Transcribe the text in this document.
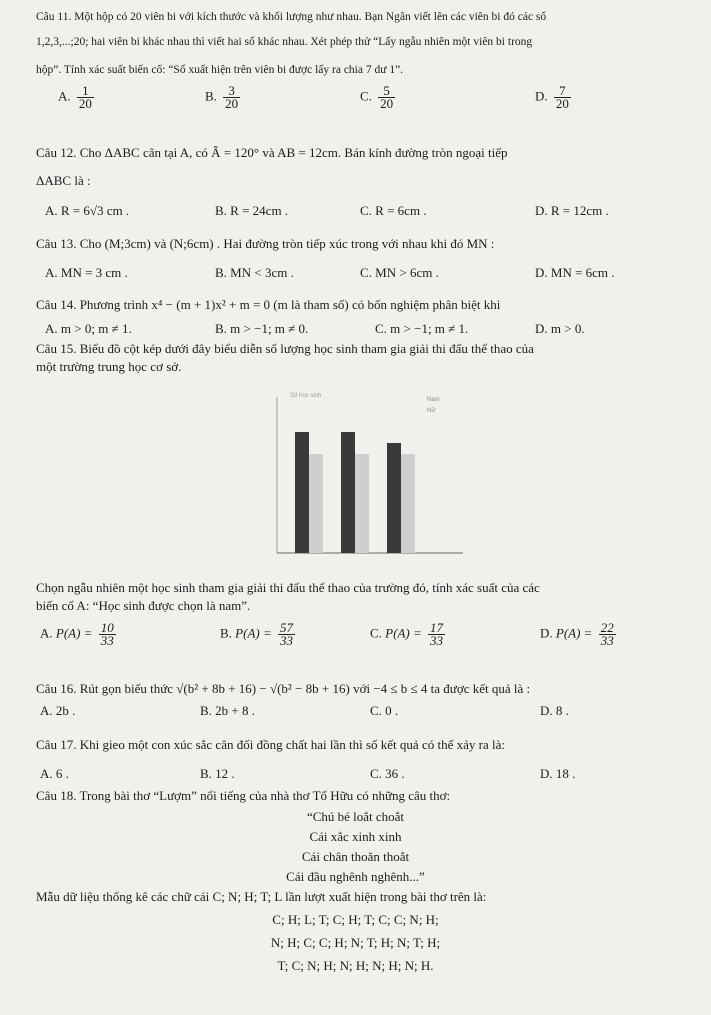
Câu 11. Một hộp có 20 viên bi với kích thước và khối lượng như nhau. Bạn Ngân viết lên các viên bi đó các số
1,2,3,...;20; hai viên bi khác nhau thì viết hai số khác nhau. Xét phép thử “Lấy ngẫu nhiên một viên bi trong
hộp”. Tính xác suất biến cố: “Số xuất hiện trên viên bi được lấy ra chia 7 dư 1”.
A. $\frac{1}{20}$	B. $\frac{3}{20}$	C. $\frac{5}{20}$	D. $\frac{7}{20}$
Câu 12. Cho ΔABC cân tại A, có Â = 120° và AB = 12cm. Bán kính đường tròn ngoại tiếp
ΔABC là :
A. R = 6√3 cm .	B. R = 24cm .	C. R = 6cm .	D. R = 12cm .
Câu 13. Cho (M;3cm) và (N;6cm) . Hai đường tròn tiếp xúc trong với nhau khi đó MN :
A. MN = 3 cm .	B. MN < 3cm .	C. MN > 6cm .	D. MN = 6cm .
Câu 14. Phương trình x⁴ − (m + 1)x² + m = 0 (m là tham số) có bốn nghiệm phân biệt khi
A. m > 0; m ≠ 1.	B. m > −1; m ≠ 0.	C. m > −1; m ≠ 1.	D. m > 0.
Câu 15. Biểu đồ cột kép dưới đây biểu diễn số lượng học sinh tham gia giải thi đấu thể thao của
một trường trung học cơ sở.
Số học sinh
Nam
Nữ
Chọn ngẫu nhiên một học sinh tham gia giải thi đấu thể thao của trường đó, tính xác suất của các
biến cố A: “Học sinh được chọn là nam”.
A. $P(A) = \frac{10}{33}$	B. $P(A) = \frac{57}{33}$	C. $P(A) = \frac{17}{33}$	D. $P(A) = \frac{22}{33}$
Câu 16. Rút gọn biểu thức √(b² + 8b + 16) − √(b² − 8b + 16) với −4 ≤ b ≤ 4 ta được kết quả là :
A. 2b .	B. 2b + 8 .	C. 0 .	D. 8 .
Câu 17. Khi gieo một con xúc sắc cân đối đồng chất hai lần thì số kết quả có thể xảy ra là:
A. 6 .	B. 12 .	C. 36 .	D. 18 .
Câu 18. Trong bài thơ “Lượm” nổi tiếng của nhà thơ Tố Hữu có những câu thơ:
“Chú bé loắt choắt
Cái xắc xinh xinh
Cái chân thoăn thoắt
Cái đầu nghênh nghênh...”
Mẫu dữ liệu thống kê các chữ cái C; N; H; T; L lần lượt xuất hiện trong bài thơ trên là:
C; H; L; T; C; H; T; C; C; N; H;
N; H; C; C; H; N; T; H; N; T; H;
T; C; N; H; N; H; N; H; N; H.
